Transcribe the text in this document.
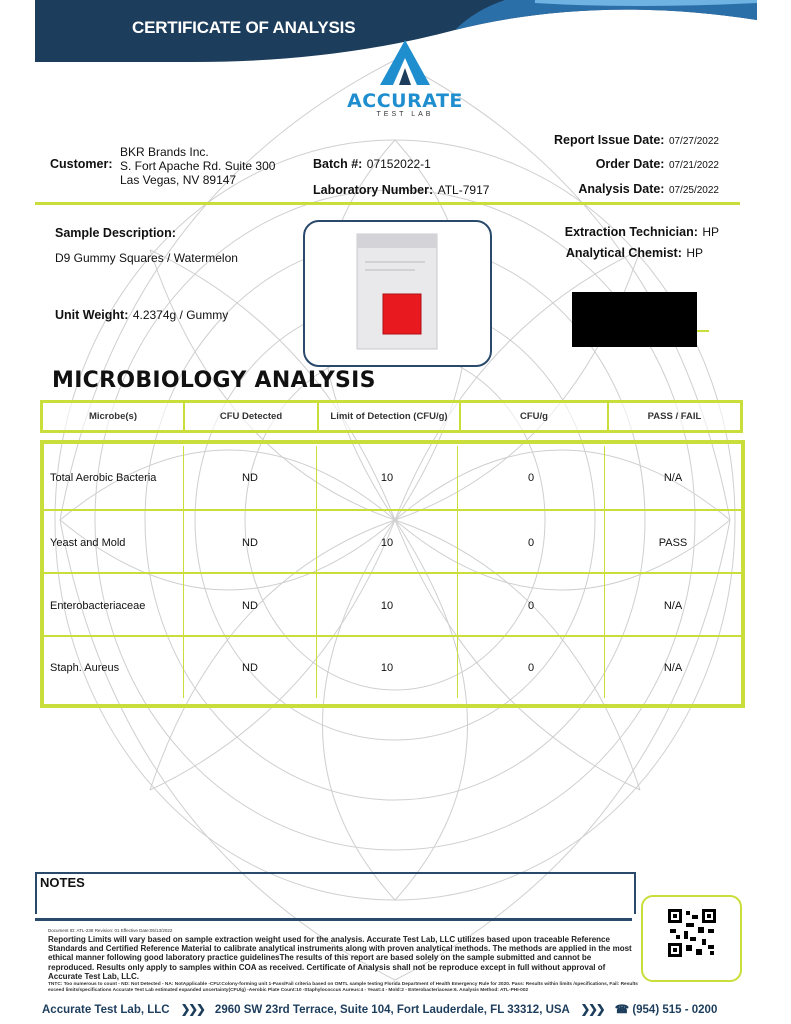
CERTIFICATE OF ANALYSIS
ACCURATE
TEST LAB
Customer:
BKR Brands Inc.
S. Fort Apache Rd. Suite 300
Las Vegas, NV 89147
Batch #: 07152022-1
Laboratory Number: ATL-7917
Report Issue Date: 07/27/2022
Order Date: 07/21/2022
Analysis Date: 07/25/2022
Sample Description:
D9 Gummy Squares / Watermelon
Unit Weight: 4.2374g / Gummy
Extraction Technician: HP
Analytical Chemist: HP
MICROBIOLOGY ANALYSIS
Microbe(s)	CFU Detected	Limit of Detection (CFU/g)	CFU/g	PASS / FAIL
Total Aerobic Bacteria	ND	10	0	N/A
Yeast and Mold	ND	10	0	PASS
Enterobacteriaceae	ND	10	0	N/A
Staph. Aureus	ND	10	0	N/A
NOTES
Document ID: ATL-238 Revision: 01 Effective Date:05/13/2022
Reporting Limits will vary based on sample extraction weight used for the analysis. Accurate Test Lab, LLC utilizes based upon traceable Reference Standards and Certified Reference Material to calibrate analytical instruments along with proven analytical methods. The methods are applied in the most ethical manner following good laboratory practice guidelinesThe results of this report are based solely on the sample submitted and cannot be reproduced. Results only apply to samples within COA as received. Certificate of Analysis shall not be reproduce except in full without approval of Accurate Test Lab, LLC.
TNTC: Too numerous to count - ND: Not Detected - NA: NotApplicable -CFU:Colony-forming unit 1-Pass/Fail criteria based on OMTL sample testing Florida Department of Health Emergency Rule for 2020. Pass: Results within limits /specifications, Fail: Results exceed limits/specifications Accurate Test Lab estimated expanded uncertainty(CFU/g) -Aerobic Plate Count:10 -Staphylococcus Aureus:4 - Yeast:4 - Mold:2 - Enterobacteriaceae:6. Analysis Method: ATL-PHI-002
Accurate Test Lab, LLC ❯❯❯ 2960 SW 23rd Terrace, Suite 104, Fort Lauderdale, FL 33312, USA ❯❯❯ ☎ (954) 515 - 0200
